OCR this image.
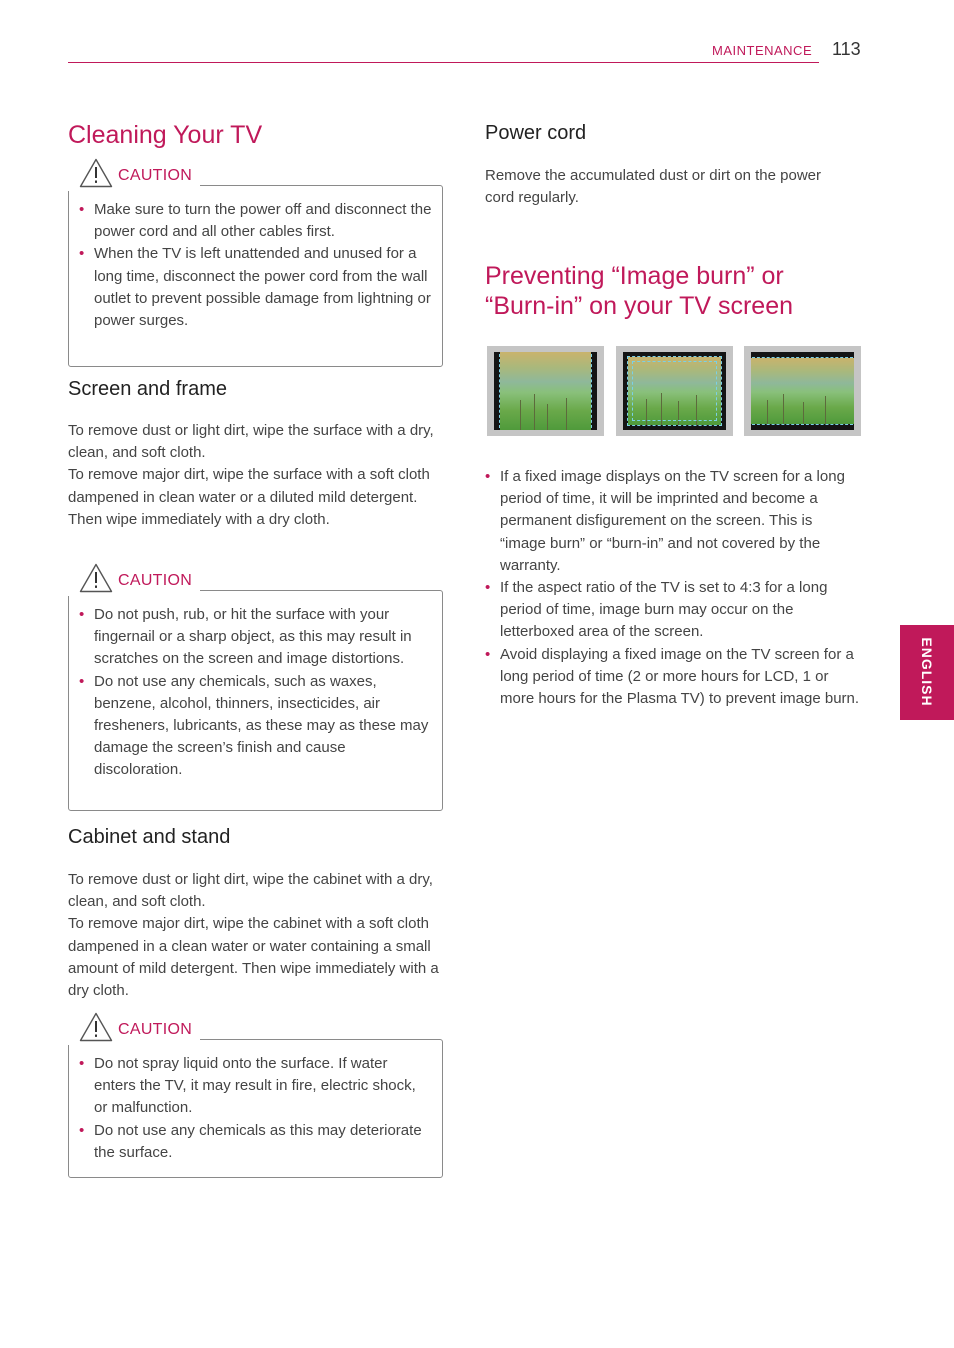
MAINTENANCE 113
ENGLISH
Cleaning Your TV
CAUTION
• Make sure to turn the power off and disconnect the power cord and all other cables first.
• When the TV is left unattended and unused for a long time, disconnect the power cord from the wall outlet to prevent possible damage from lightning or power surges.
Screen and frame
To remove dust or light dirt, wipe the surface with a dry, clean, and soft cloth.
To remove major dirt, wipe the surface with a soft cloth dampened in clean water or a diluted mild detergent. Then wipe immediately with a dry cloth.
CAUTION
• Do not push, rub, or hit the surface with your fingernail or a sharp object, as this may result in scratches on the screen and image distortions.
• Do not use any chemicals, such as waxes, benzene, alcohol, thinners, insecticides, air fresheners, lubricants, as these may as these may damage the screen’s finish and cause discoloration.
Cabinet and stand
To remove dust or light dirt, wipe the cabinet with a dry, clean, and soft cloth.
To remove major dirt, wipe the cabinet with a soft cloth dampened in a clean water or water containing a small amount of mild detergent. Then wipe immediately with a dry cloth.
CAUTION
• Do not spray liquid onto the surface. If water enters the TV, it may result in fire, electric shock, or malfunction.
• Do not use any chemicals as this may deteriorate the surface.
Power cord
Remove the accumulated dust or dirt on the power cord regularly.
Preventing “Image burn” or “Burn-in” on your TV screen
• If a fixed image displays on the TV screen for a long period of time, it will be imprinted and become a permanent disfigurement on the screen. This is “image burn” or “burn-in” and not covered by the warranty.
• If the aspect ratio of the TV is set to 4:3 for a long period of time, image burn may occur on the letterboxed area of the screen.
• Avoid displaying a fixed image on the TV screen for a long period of time (2 or more hours for LCD, 1 or more hours for the Plasma TV) to prevent image burn.
